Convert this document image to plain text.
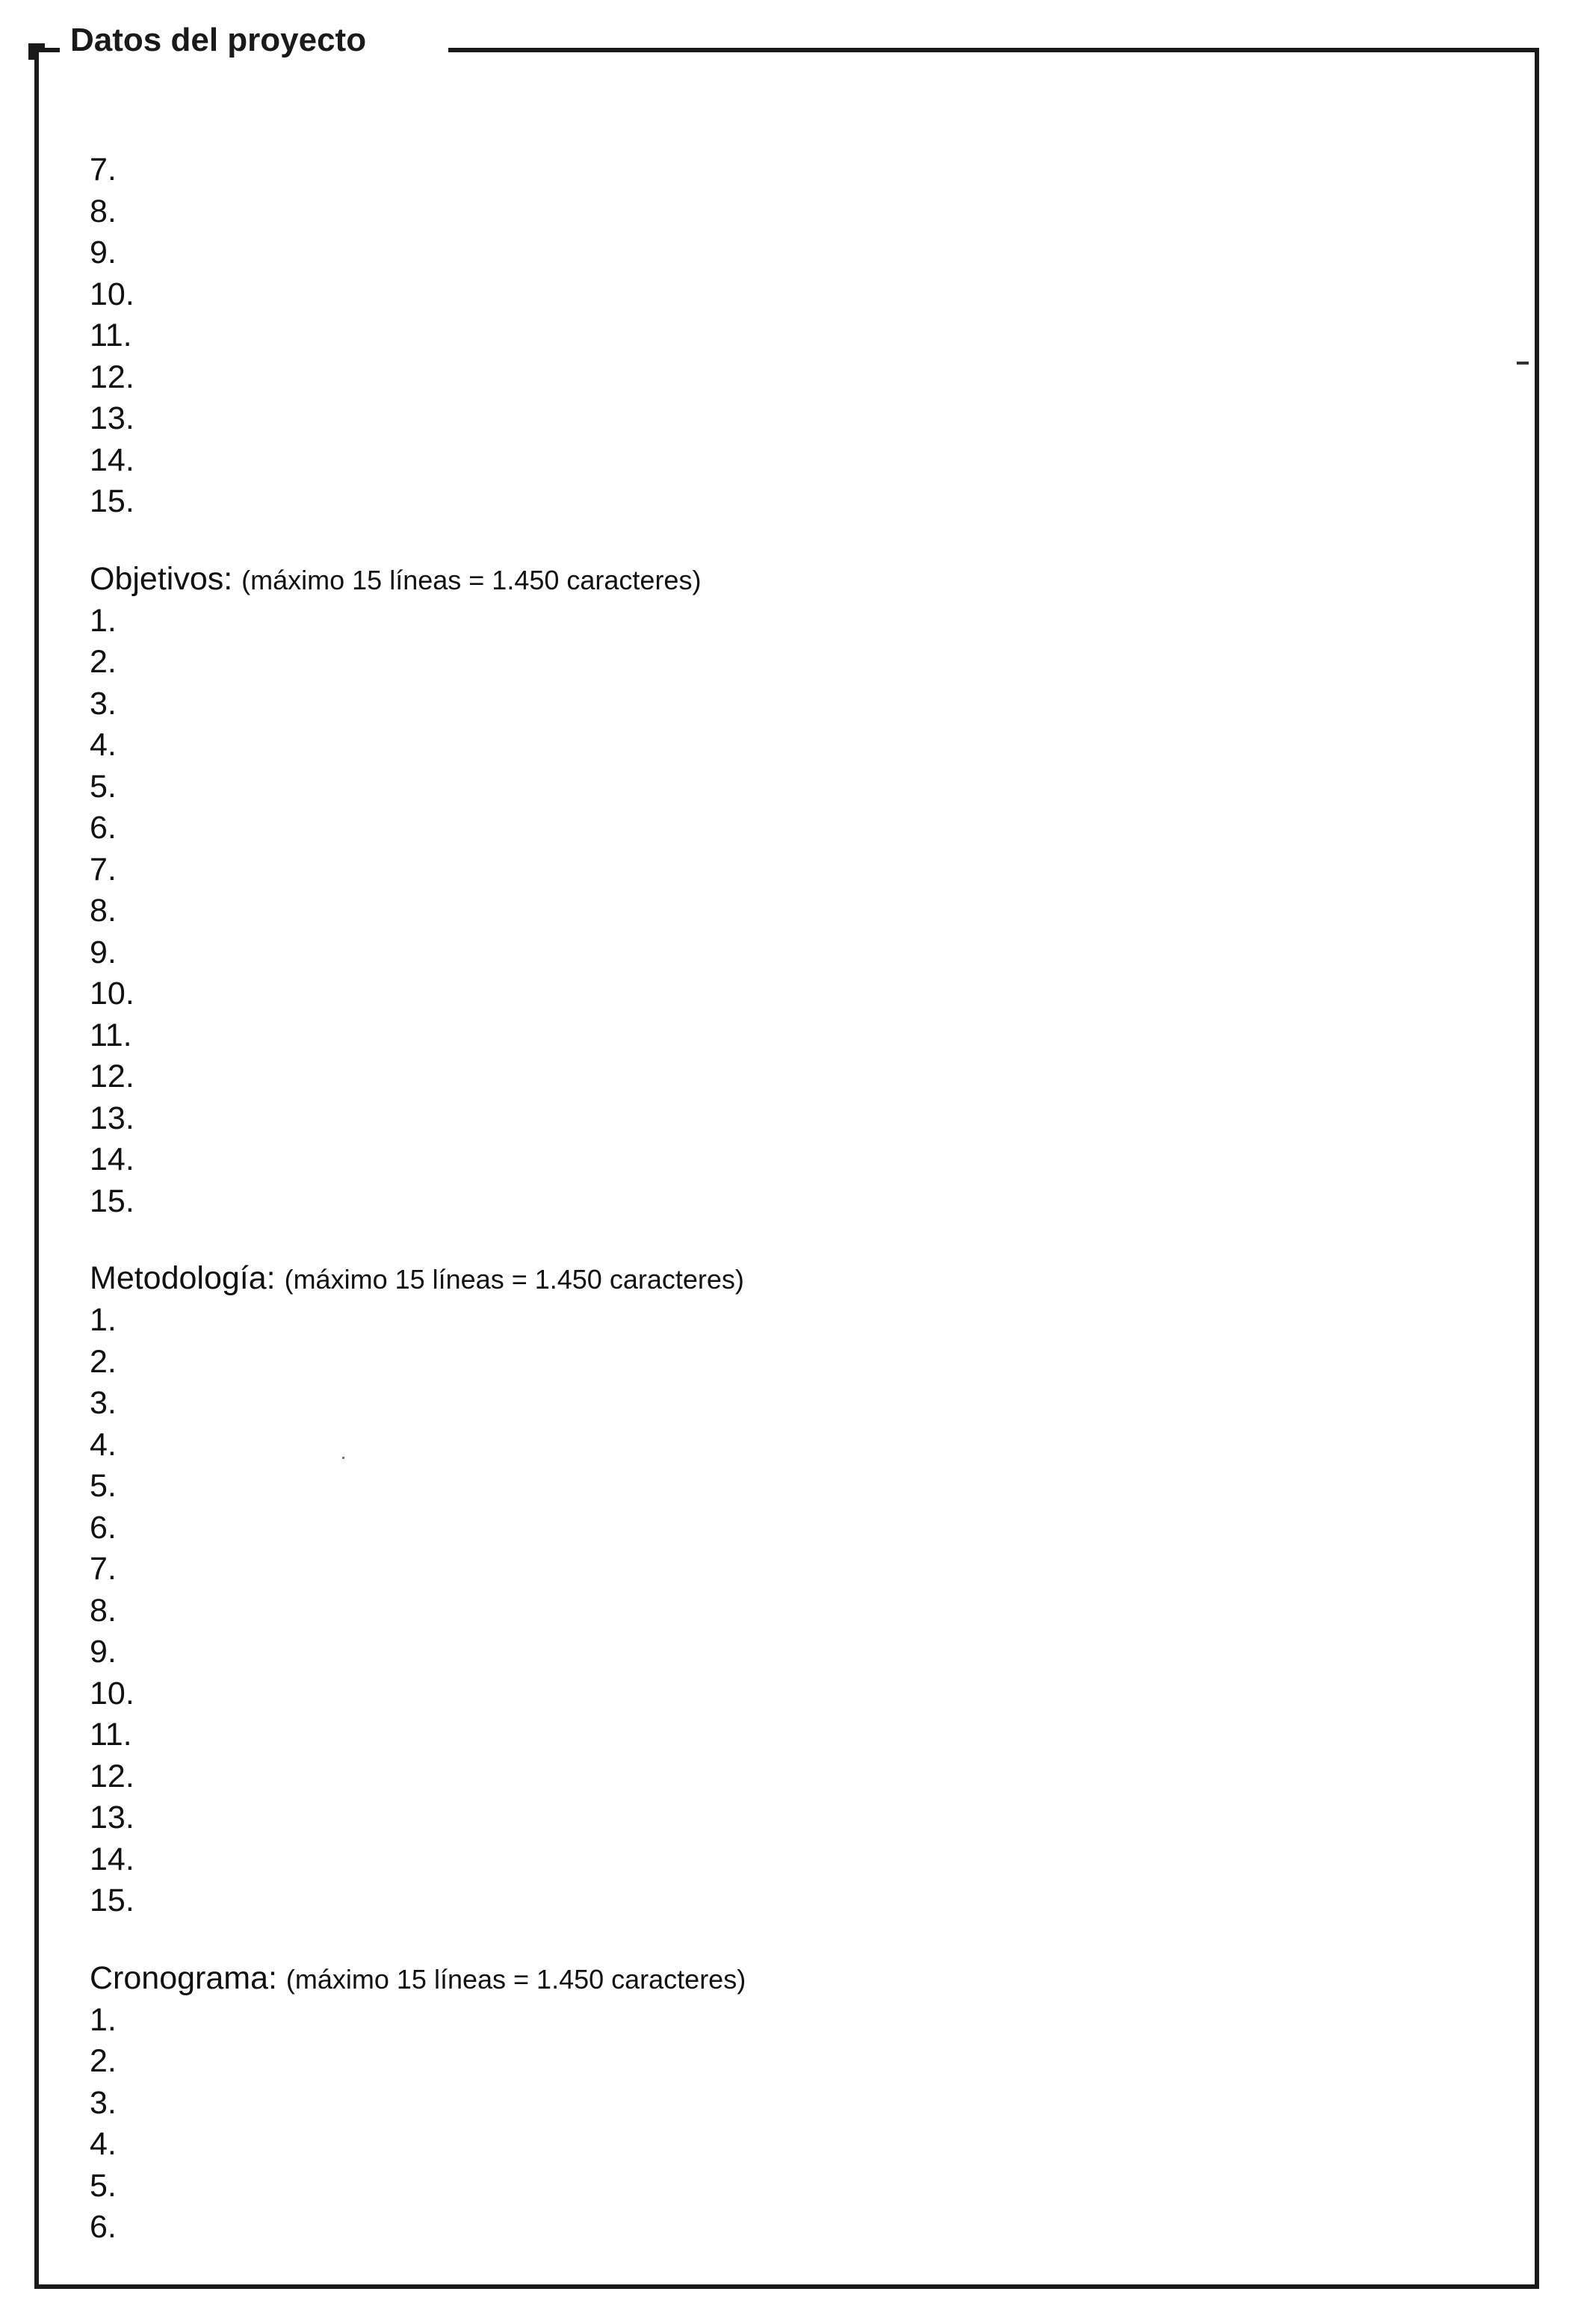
Datos del proyecto
7.
8.
9.
10.
11.
12.
13.
14.
15.
Objetivos: (máximo 15 líneas = 1.450 caracteres)
1.
2.
3.
4.
5.
6.
7.
8.
9.
10.
11.
12.
13.
14.
15.
Metodología: (máximo 15 líneas = 1.450 caracteres)
1.
2.
3.
4.
5.
6.
7.
8.
9.
10.
11.
12.
13.
14.
15.
Cronograma: (máximo 15 líneas = 1.450 caracteres)
1.
2.
3.
4.
5.
6.
